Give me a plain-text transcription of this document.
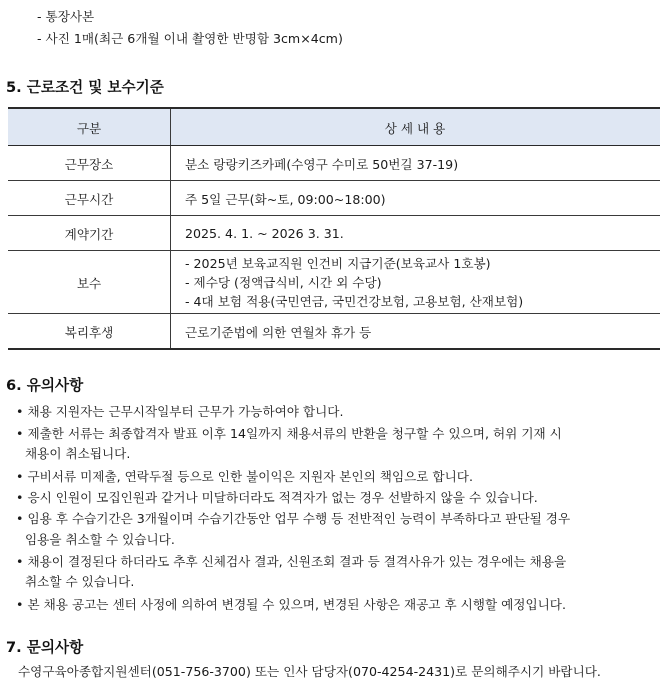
- 통장사본
- 사진 1매(최근 6개월 이내 촬영한 반명함 3cm×4cm)
5. 근로조건 및 보수기준
구분	상 세 내 용
근무장소	분소 랑랑키즈카페(수영구 수미로 50번길 37-19)
근무시간	주 5일 근무(화~토, 09:00~18:00)
계약기간	2025. 4. 1. ~ 2026 3. 31.
보수	- 2025년 보육교직원 인건비 지급기준(보육교사 1호봉)
- 제수당 (정액급식비, 시간 외 수당)
- 4대 보험 적용(국민연금, 국민건강보험, 고용보험, 산재보험)

복리후생	근로기준법에 의한 연월차 휴가 등
6. 유의사항
• 채용 지원자는 근무시작일부터 근무가 가능하여야 합니다.
• 제출한 서류는 최종합격자 발표 이후 14일까지 채용서류의 반환을 청구할 수 있으며, 허위 기재 시
채용이 취소됩니다.
• 구비서류 미제출, 연락두절 등으로 인한 불이익은 지원자 본인의 책임으로 합니다.
• 응시 인원이 모집인원과 같거나 미달하더라도 적격자가 없는 경우 선발하지 않을 수 있습니다.
• 임용 후 수습기간은 3개월이며 수습기간동안 업무 수행 등 전반적인 능력이 부족하다고 판단될 경우
임용을 취소할 수 있습니다.
• 채용이 결정된다 하더라도 추후 신체검사 결과, 신원조회 결과 등 결격사유가 있는 경우에는 채용을
취소할 수 있습니다.
• 본 채용 공고는 센터 사정에 의하여 변경될 수 있으며, 변경된 사항은 재공고 후 시행할 예정입니다.
7. 문의사항
수영구육아종합지원센터(051-756-3700) 또는 인사 담당자(070-4254-2431)로 문의해주시기 바랍니다.
